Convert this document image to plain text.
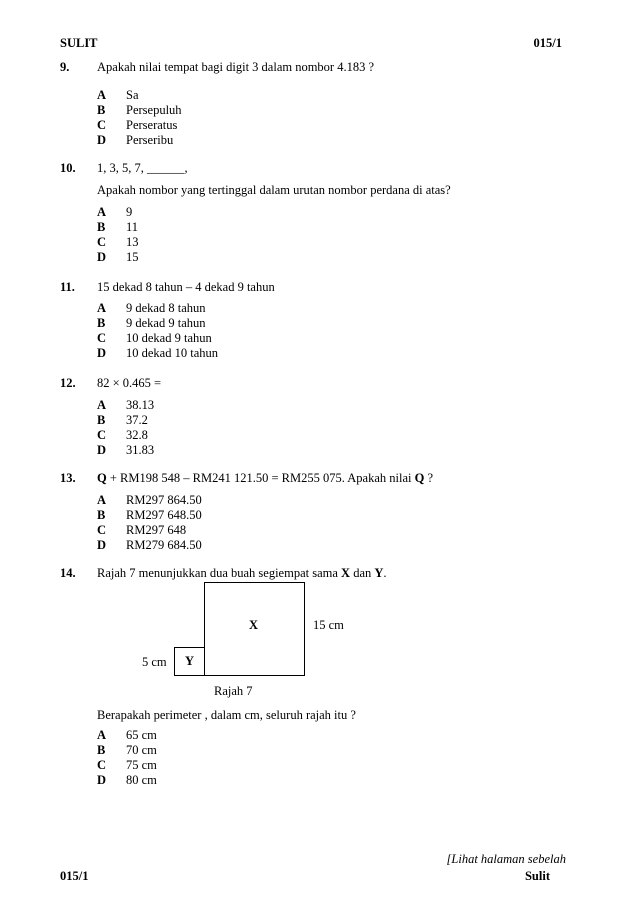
SULIT	015/1
9. Apakah nilai tempat bagi digit 3 dalam nombor 4.183 ?
A Sa
B Persepuluh
C Perseratus
D Perseribu
10. 1, 3, 5, 7, ______,
Apakah nombor yang tertinggal dalam urutan nombor perdana di atas?
A 9
B 11
C 13
D 15
11. 15 dekad 8 tahun – 4 dekad 9 tahun
A 9 dekad 8 tahun
B 9 dekad 9 tahun
C 10 dekad 9 tahun
D 10 dekad 10 tahun
12. 82 × 0.465 =
A 38.13
B 37.2
C 32.8
D 31.83
13. Q + RM198 548 – RM241 121.50 = RM255 075. Apakah nilai Q ?
A RM297 864.50
B RM297 648.50
C RM297 648
D RM279 684.50
14. Rajah 7 menunjukkan dua buah segiempat sama X dan Y.
X
Y
15 cm
5 cm
Rajah 7
Berapakah perimeter , dalam cm, seluruh rajah itu ?
A 65 cm
B 70 cm
C 75 cm
D 80 cm
[Lihat halaman sebelah
015/1	Sulit
